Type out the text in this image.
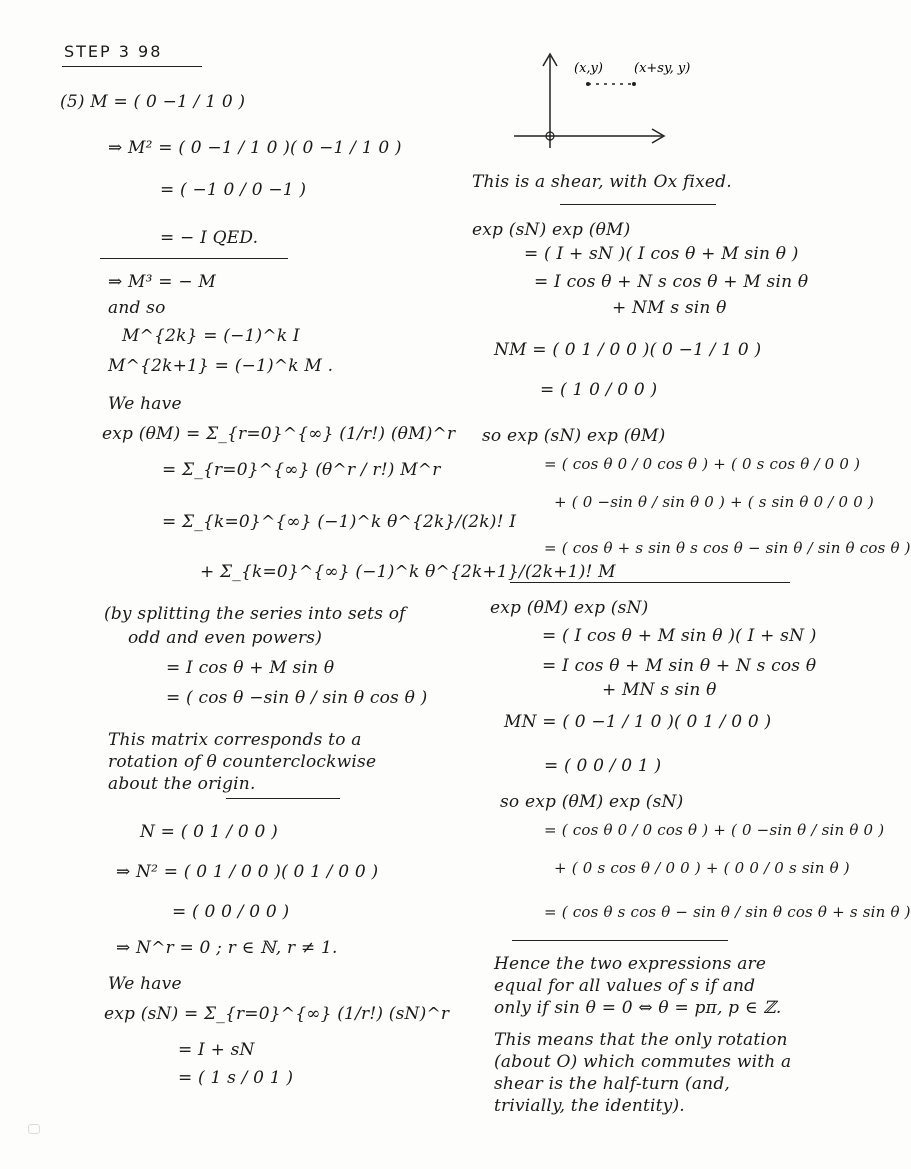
STEP 3 98
(5) M = ( 0 −1 / 1 0 )
⇒ M² = ( 0 −1 / 1 0 )( 0 −1 / 1 0 )
= ( −1 0 / 0 −1 )
= − I QED.
⇒ M³ = − M
and so
M^{2k} = (−1)^k I
M^{2k+1} = (−1)^k M .
We have
exp (θM) = Σ_{r=0}^{∞} (1/r!) (θM)^r
= Σ_{r=0}^{∞} (θ^r / r!) M^r
= Σ_{k=0}^{∞} (−1)^k θ^{2k}/(2k)! I
+ Σ_{k=0}^{∞} (−1)^k θ^{2k+1}/(2k+1)! M
(by splitting the series into sets of
odd and even powers)
= I cos θ + M sin θ
= ( cos θ −sin θ / sin θ cos θ )
This matrix corresponds to a
rotation of θ counterclockwise
about the origin.
N = ( 0 1 / 0 0 )
⇒ N² = ( 0 1 / 0 0 )( 0 1 / 0 0 )
= ( 0 0 / 0 0 )
⇒ N^r = 0 ; r ∈ ℕ, r ≠ 1.
We have
exp (sN) = Σ_{r=0}^{∞} (1/r!) (sN)^r
= I + sN
= ( 1 s / 0 1 )
(x,y) (x+sy, y)
This is a shear, with Ox fixed.
exp (sN) exp (θM)
= ( I + sN )( I cos θ + M sin θ )
= I cos θ + N s cos θ + M sin θ
+ NM s sin θ
NM = ( 0 1 / 0 0 )( 0 −1 / 1 0 )
= ( 1 0 / 0 0 )
so exp (sN) exp (θM)
= ( cos θ 0 / 0 cos θ ) + ( 0 s cos θ / 0 0 )
+ ( 0 −sin θ / sin θ 0 ) + ( s sin θ 0 / 0 0 )
= ( cos θ + s sin θ s cos θ − sin θ / sin θ cos θ )
exp (θM) exp (sN)
= ( I cos θ + M sin θ )( I + sN )
= I cos θ + M sin θ + N s cos θ
+ MN s sin θ
MN = ( 0 −1 / 1 0 )( 0 1 / 0 0 )
= ( 0 0 / 0 1 )
so exp (θM) exp (sN)
= ( cos θ 0 / 0 cos θ ) + ( 0 −sin θ / sin θ 0 )
+ ( 0 s cos θ / 0 0 ) + ( 0 0 / 0 s sin θ )
= ( cos θ s cos θ − sin θ / sin θ cos θ + s sin θ )
Hence the two expressions are
equal for all values of s if and
only if sin θ = 0 ⇔ θ = pπ, p ∈ ℤ.
This means that the only rotation
(about O) which commutes with a
shear is the half-turn (and,
trivially, the identity).
